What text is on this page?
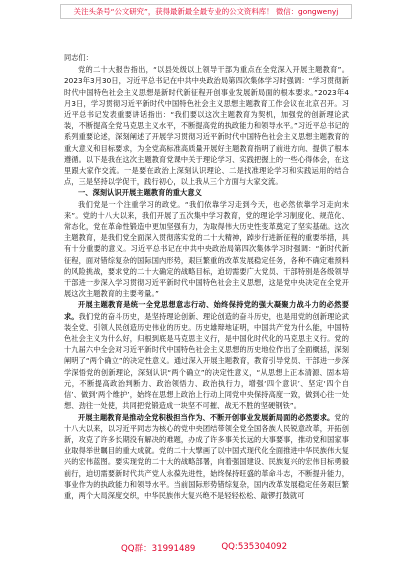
关注头条号“公文研究”，获得最新最全最专业的公文资料库！ 微信：gongwenyj
同志们：

党的二十大报告指出，“以县处级以上领导干部为重点在全党深入开展主题教育”。2023年3月30日，习近平总书记在中共中央政治局第四次集体学习时强调：“学习贯彻新时代中国特色社会主义思想是新时代新征程开创事业发展新局面的根本要求。”2023年4月3日，学习贯彻习近平新时代中国特色社会主义思想主题教育工作会议在北京召开。习近平总书记发表重要讲话指出：“我们要以这次主题教育为契机，加强党的创新理论武装，不断提高全党马克思主义水平，不断提高党的执政能力和领导水平。”习近平总书记的系列重要论述，深刻阐述了开展学习贯彻习近平新时代中国特色社会主义思想主题教育的重大意义和目标要求，为全党高标准高质量开展好主题教育指明了前进方向、提供了根本遵循。以下是我在这次主题教育党课中关于理论学习、实践把握上的一些心得体会，在这里跟大家作交流。一是要在政治上深刻认识理论、二是找准理论学习和实践运用的结合点，三是坚持以学促干，践行初心，以上我从三个方面与大家交流。

一、深刻认识开展主题教育的重大意义

我们党是一个注重学习的政党。“我们依靠学习走到今天，也必然依靠学习走向未来”。党的十八大以来，我们开展了五次集中学习教育，党的理论学习制度化、规范化、常态化，党在革命性锻造中更加坚强有力，为取得伟大历史性变革奠定了坚实基础。这次主题教育，是我们党全面深入贯彻落实党的二十大精神，踔步行进新征程的重要举措，具有十分重要的意义。习近平总书记在中共中央政治局第四次集体学习时强调：“新时代新征程，面对错综复杂的国际国内形势，艰巨繁重的改革发展稳定任务，各种不确定难预料的风险挑战，要求党的二十大确定的战略目标，迫切需要广大党员、干部特别是各级领导干部进一步深入学习贯彻习近平新时代中国特色社会主义思想，这是党中央决定在全党开展这次主题教育的主要考量。”

开展主题教育是统一全党思想意志行动、始终保持党的强大凝聚力战斗力的必然要求。我们党的奋斗历史，是坚持理论创新、理论创造的奋斗历史，也是用党的创新理论武装全党、引领人民创造历史伟业的历史。历史雄辩地证明，中国共产党为什么能，中国特色社会主义为什么好，归根到底是马克思主义行，是中国化时代化的马克思主义行。党的十九届六中全会对习近平新时代中国特色社会主义思想的历史地位作出了全面概括，深刻阐明了“两个确立”的决定性意义。通过深入开展主题教育，教育引导党员、干部进一步深学深悟党的创新理论，深刻认识“两个确立”的决定性意义，“从思想上正本清源、固本培元，不断提高政治判断力、政治领悟力、政治执行力，增强‘四个意识’、坚定‘四个自信’、做到‘两个维护’，始终在思想上政治上行动上同党中央保持高度一致，做到心往一处想、劲往一处使，共同把党锻造成一块坚不可摧、战无不胜的坚硬钢铁”。

开展主题教育是推动全党积极担当作为、不断开创事业发展新局面的必然要求。党的十八大以来，以习近平同志为核心的党中央团结带领全党全国各族人民锐意改革，开拓创新，攻克了许多长期没有解决的难题，办成了许多事关长远的大事要事，推动党和国家事业取得举世瞩目的重大成就。党的二十大擘画了以中国式现代化全面推进中华民族伟大复兴的宏伟蓝图。要实现党的二十大的战略部署，向着强国建设、民族复兴的宏伟目标勇毅前行，迫切需要新时代共产党人永葆先进性，始终保持旺盛的革命斗志，不断提升能力，事业作为的执政能力和领导水平。当前国际形势错综复杂，国内改革发展稳定任务艰巨繁重，两个大局深度交织，中华民族伟大复兴绝不是轻轻松松、敲锣打鼓就可

QQ群：31991489	QQ:535304092
